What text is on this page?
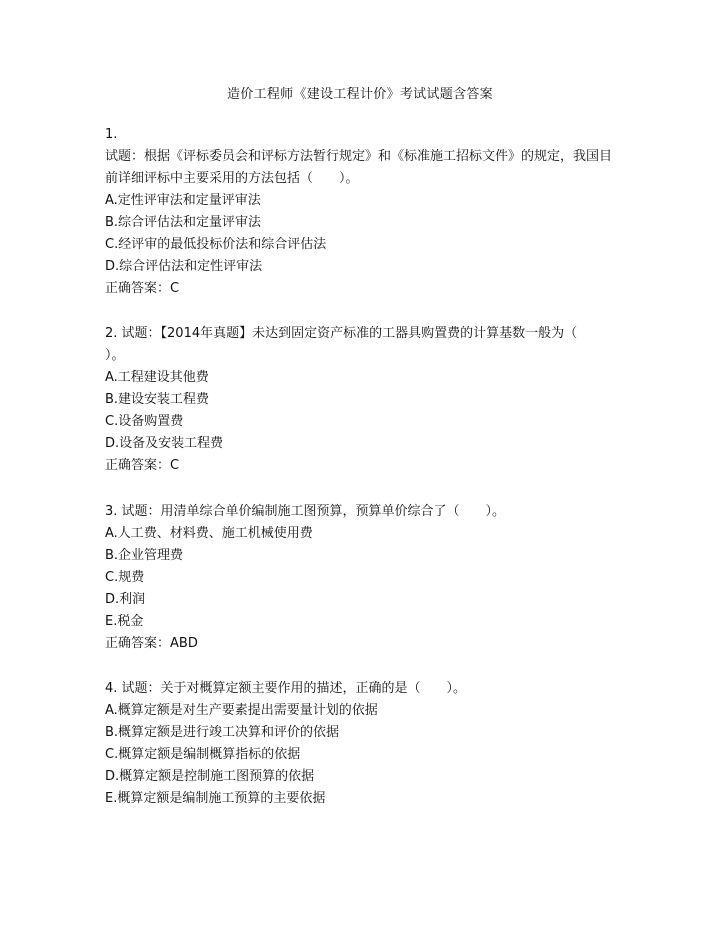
造价工程师《建设工程计价》考试试题含答案
1.
试题：根据《评标委员会和评标方法暂行规定》和《标准施工招标文件》的规定，我国目
前详细评标中主要采用的方法包括（　　）。
A.定性评审法和定量评审法
B.综合评估法和定量评审法
C.经评审的最低投标价法和综合评估法
D.综合评估法和定性评审法
正确答案：C
2. 试题：【2014年真题】未达到固定资产标准的工器具购置费的计算基数一般为（
）。
A.工程建设其他费
B.建设安装工程费
C.设备购置费
D.设备及安装工程费
正确答案：C
3. 试题：用清单综合单价编制施工图预算，预算单价综合了（　　）。
A.人工费、材料费、施工机械使用费
B.企业管理费
C.规费
D.利润
E.税金
正确答案：ABD
4. 试题：关于对概算定额主要作用的描述，正确的是（　　）。
A.概算定额是对生产要素提出需要量计划的依据
B.概算定额是进行竣工决算和评价的依据
C.概算定额是编制概算指标的依据
D.概算定额是控制施工图预算的依据
E.概算定额是编制施工预算的主要依据
